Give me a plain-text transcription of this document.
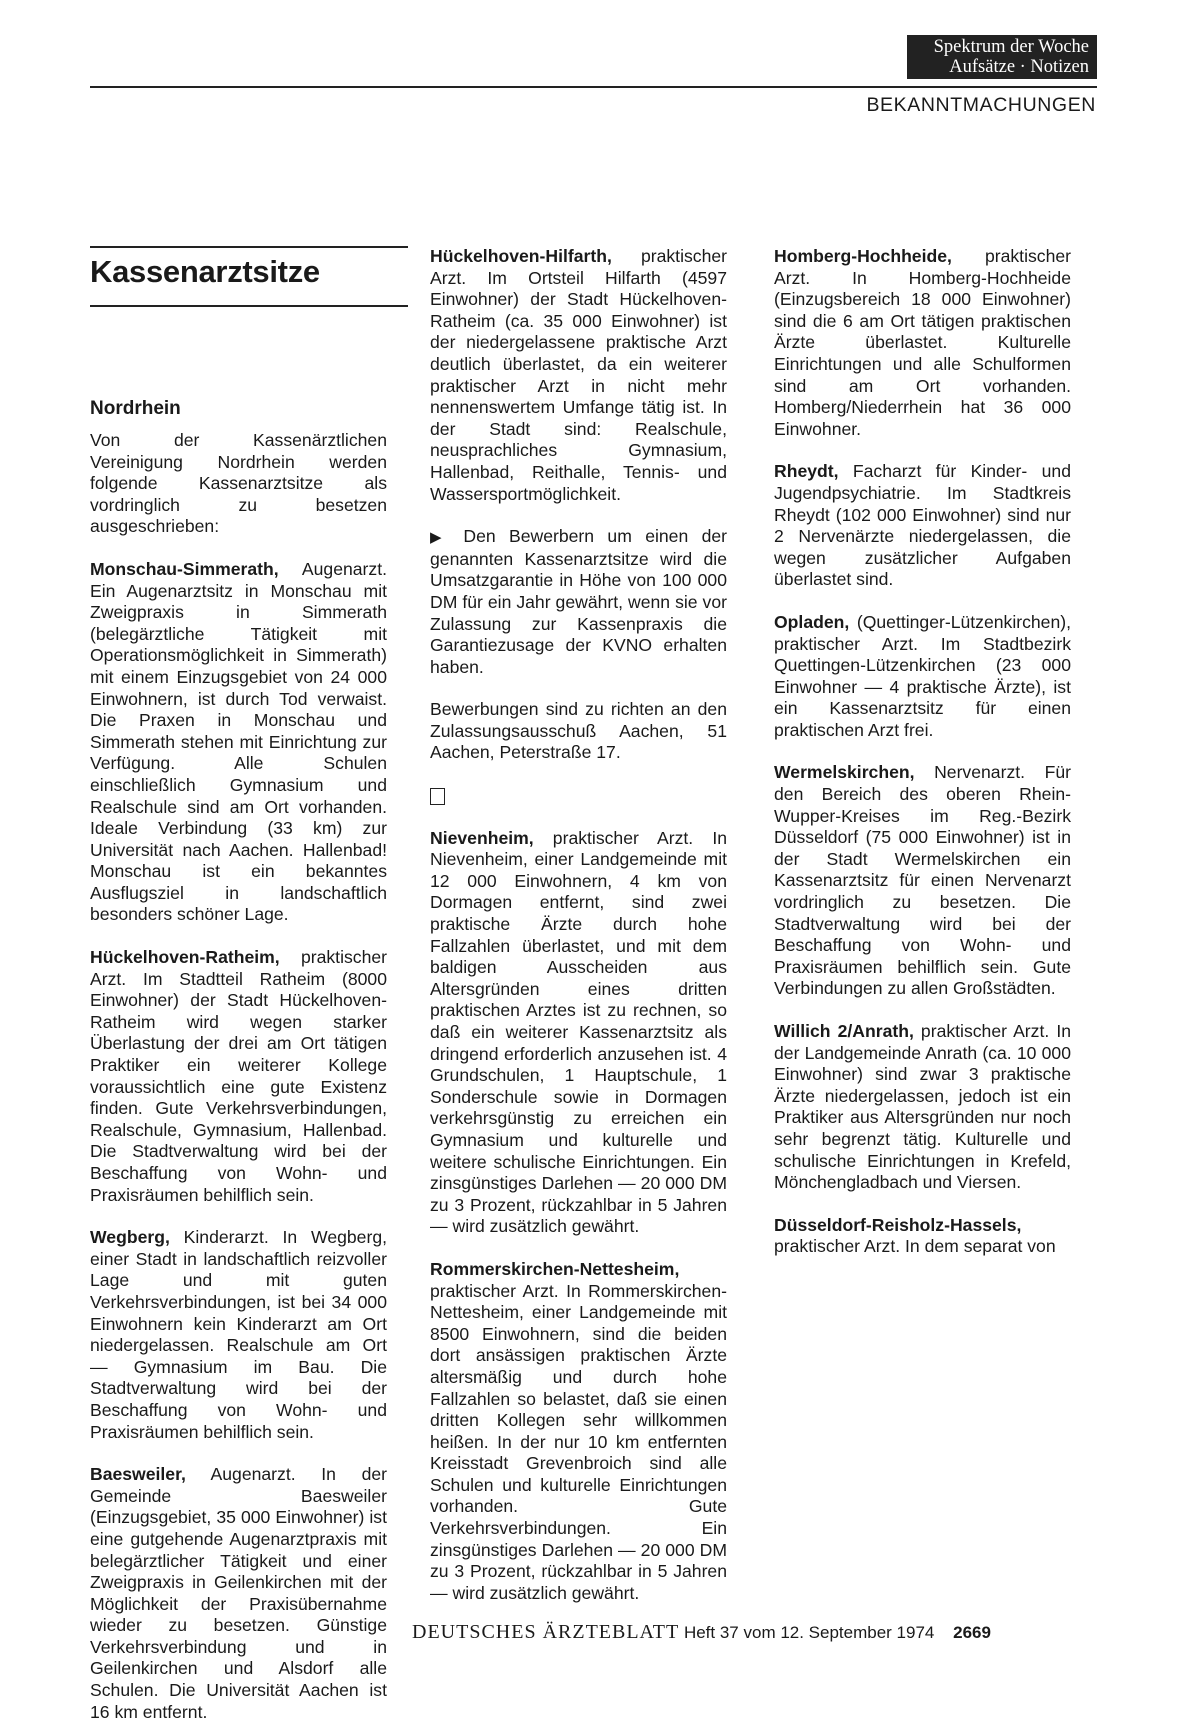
Spektrum der Woche
Aufsätze · Notizen
BEKANNTMACHUNGEN
Kassenarztsitze
Nordrhein

Von der Kassenärztlichen Vereinigung Nordrhein werden folgende Kassenarztsitze als vordringlich zu besetzen ausgeschrieben:

Monschau-Simmerath, Augenarzt. Ein Augenarztsitz in Monschau mit Zweigpraxis in Simmerath (belegärztliche Tätigkeit mit Operationsmöglichkeit in Simmerath) mit einem Einzugsgebiet von 24 000 Einwohnern, ist durch Tod verwaist. Die Praxen in Monschau und Simmerath stehen mit Einrichtung zur Verfügung. Alle Schulen einschließlich Gymnasium und Realschule sind am Ort vorhanden. Ideale Verbindung (33 km) zur Universität nach Aachen. Hallenbad! Monschau ist ein bekanntes Ausflugsziel in landschaftlich besonders schöner Lage.

Hückelhoven-Ratheim, praktischer Arzt. Im Stadtteil Ratheim (8000 Einwohner) der Stadt Hückelhoven-Ratheim wird wegen starker Überlastung der drei am Ort tätigen Praktiker ein weiterer Kollege voraussichtlich eine gute Existenz finden. Gute Verkehrsverbindungen, Realschule, Gymnasium, Hallenbad. Die Stadtverwaltung wird bei der Beschaffung von Wohn- und Praxisräumen behilflich sein.

Wegberg, Kinderarzt. In Wegberg, einer Stadt in landschaftlich reizvoller Lage und mit guten Verkehrsverbindungen, ist bei 34 000 Einwohnern kein Kinderarzt am Ort niedergelassen. Realschule am Ort — Gymnasium im Bau. Die Stadtverwaltung wird bei der Beschaffung von Wohn- und Praxisräumen behilflich sein.

Baesweiler, Augenarzt. In der Gemeinde Baesweiler (Einzugsgebiet, 35 000 Einwohner) ist eine gutgehende Augenarztpraxis mit belegärztlicher Tätigkeit und einer Zweigpraxis in Geilenkirchen mit der Möglichkeit der Praxisübernahme wieder zu besetzen. Günstige Verkehrsverbindung und in Geilenkirchen und Alsdorf alle Schulen. Die Universität Aachen ist 16 km entfernt.

Hückelhoven-Hilfarth, praktischer Arzt. Im Ortsteil Hilfarth (4597 Einwohner) der Stadt Hückelhoven-Ratheim (ca. 35 000 Einwohner) ist der niedergelassene praktische Arzt deutlich überlastet, da ein weiterer praktischer Arzt in nicht mehr nennenswertem Umfange tätig ist. In der Stadt sind: Realschule, neusprachliches Gymnasium, Hallenbad, Reithalle, Tennis- und Wassersportmöglichkeit.

▶ Den Bewerbern um einen der genannten Kassenarztsitze wird die Umsatzgarantie in Höhe von 100 000 DM für ein Jahr gewährt, wenn sie vor Zulassung zur Kassenpraxis die Garantiezusage der KVNO erhalten haben.

Bewerbungen sind zu richten an den Zulassungsausschuß Aachen, 51 Aachen, Peterstraße 17.

Nievenheim, praktischer Arzt. In Nievenheim, einer Landgemeinde mit 12 000 Einwohnern, 4 km von Dormagen entfernt, sind zwei praktische Ärzte durch hohe Fallzahlen überlastet, und mit dem baldigen Ausscheiden aus Altersgründen eines dritten praktischen Arztes ist zu rechnen, so daß ein weiterer Kassenarztsitz als dringend erforderlich anzusehen ist. 4 Grundschulen, 1 Hauptschule, 1 Sonderschule sowie in Dormagen verkehrsgünstig zu erreichen ein Gymnasium und kulturelle und weitere schulische Einrichtungen. Ein zinsgünstiges Darlehen — 20 000 DM zu 3 Prozent, rückzahlbar in 5 Jahren — wird zusätzlich gewährt.

Rommerskirchen-Nettesheim, praktischer Arzt. In Rommerskirchen-Nettesheim, einer Landgemeinde mit 8500 Einwohnern, sind die beiden dort ansässigen praktischen Ärzte altersmäßig und durch hohe Fallzahlen so belastet, daß sie einen dritten Kollegen sehr willkommen heißen. In der nur 10 km entfernten Kreisstadt Grevenbroich sind alle Schulen und kulturelle Einrichtungen vorhanden. Gute Verkehrsverbindungen. Ein zinsgünstiges Darlehen — 20 000 DM zu 3 Prozent, rückzahlbar in 5 Jahren — wird zusätzlich gewährt.

Homberg-Hochheide, praktischer Arzt. In Homberg-Hochheide (Einzugsbereich 18 000 Einwohner) sind die 6 am Ort tätigen praktischen Ärzte überlastet. Kulturelle Einrichtungen und alle Schulformen sind am Ort vorhanden. Homberg/Niederrhein hat 36 000 Einwohner.

Rheydt, Facharzt für Kinder- und Jugendpsychiatrie. Im Stadtkreis Rheydt (102 000 Einwohner) sind nur 2 Nervenärzte niedergelassen, die wegen zusätzlicher Aufgaben überlastet sind.

Opladen, (Quettinger-Lützenkirchen), praktischer Arzt. Im Stadtbezirk Quettingen-Lützenkirchen (23 000 Einwohner — 4 praktische Ärzte), ist ein Kassenarztsitz für einen praktischen Arzt frei.

Wermelskirchen, Nervenarzt. Für den Bereich des oberen Rhein-Wupper-Kreises im Reg.-Bezirk Düsseldorf (75 000 Einwohner) ist in der Stadt Wermelskirchen ein Kassenarztsitz für einen Nervenarzt vordringlich zu besetzen. Die Stadtverwaltung wird bei der Beschaffung von Wohn- und Praxisräumen behilflich sein. Gute Verbindungen zu allen Großstädten.

Willich 2/Anrath, praktischer Arzt. In der Landgemeinde Anrath (ca. 10 000 Einwohner) sind zwar 3 praktische Ärzte niedergelassen, jedoch ist ein Praktiker aus Altersgründen nur noch sehr begrenzt tätig. Kulturelle und schulische Einrichtungen in Krefeld, Mönchengladbach und Viersen.

Düsseldorf-Reisholz-Hassels, praktischer Arzt. In dem separat von

DEUTSCHES ÄRZTEBLATT Heft 37 vom 12. September 1974 2669
